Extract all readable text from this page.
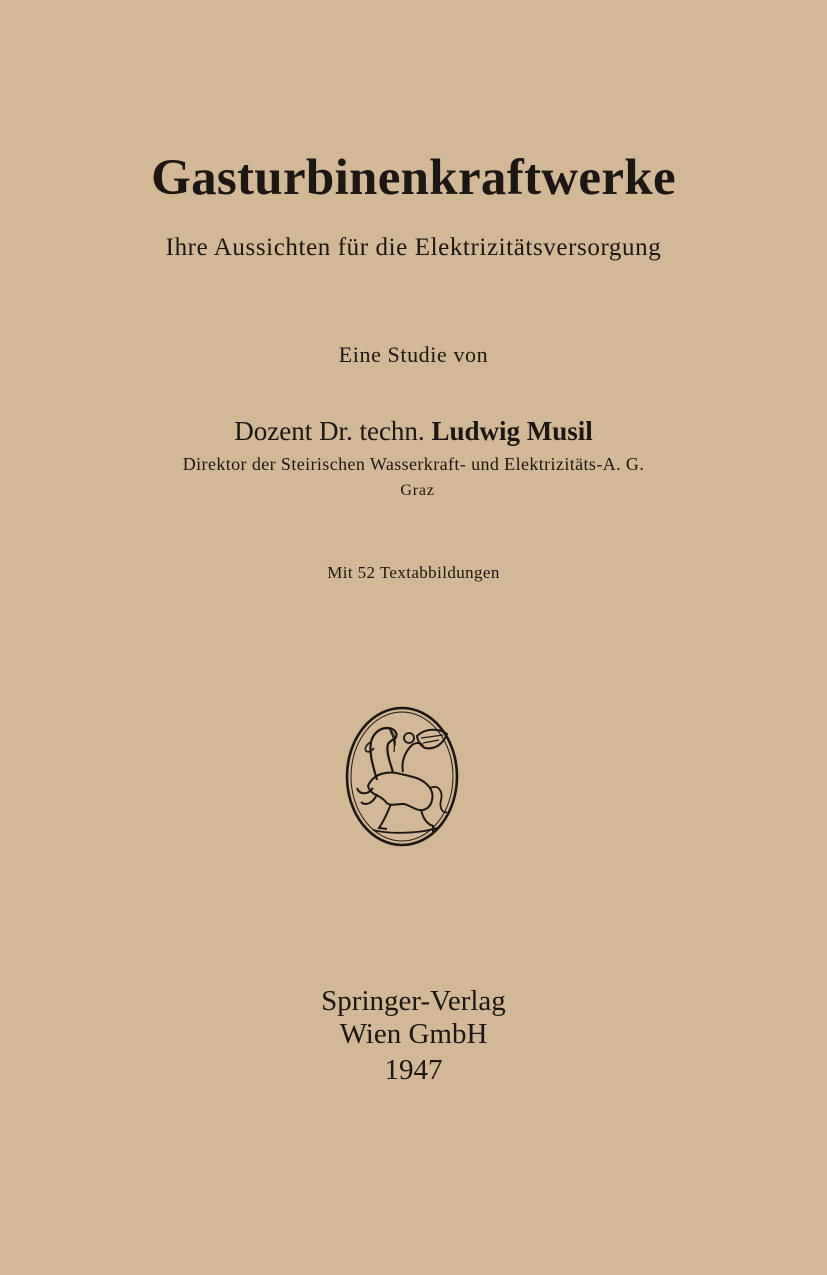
Gasturbinenkraftwerke
Ihre Aussichten für die Elektrizitätsversorgung
Eine Studie von
Dozent Dr. techn. Ludwig Musil
Direktor der Steirischen Wasserkraft- und Elektrizitäts-A. G.
Graz
Mit 52 Textabbildungen
Springer-Verlag
Wien GmbH
1947
